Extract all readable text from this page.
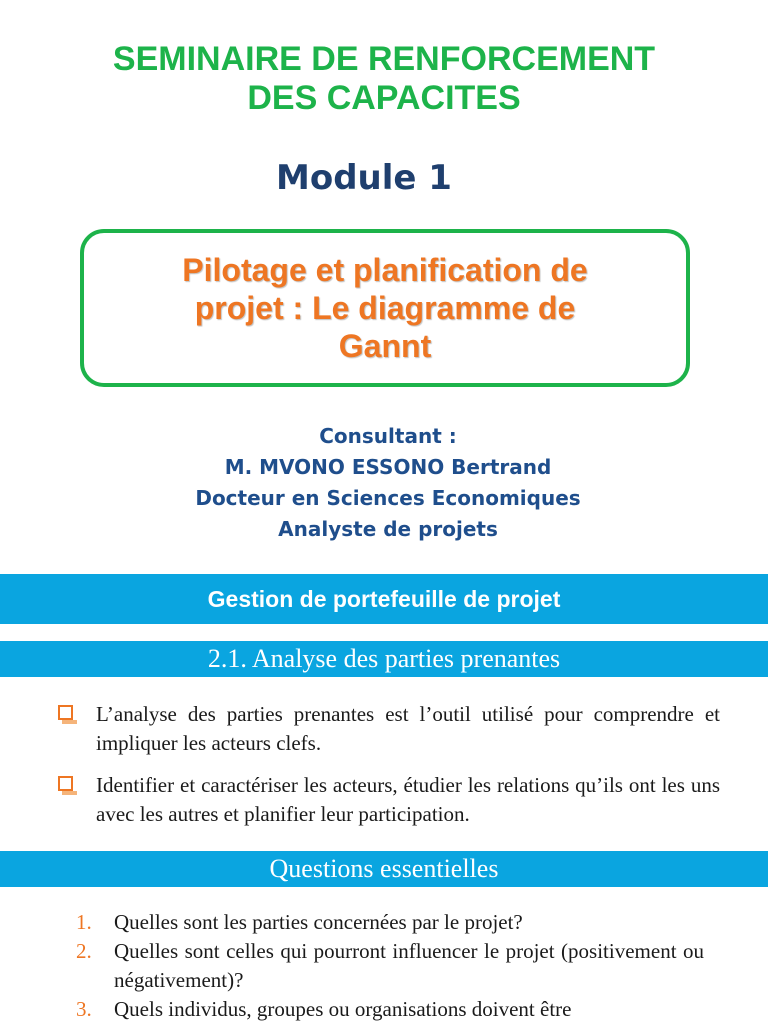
SEMINAIRE DE RENFORCEMENT
DES CAPACITES
Module 1
Pilotage et planification de
projet : Le diagramme de
Gannt
Consultant :
M. MVONO ESSONO Bertrand
Docteur en Sciences Economiques
Analyste de projets
Gestion de portefeuille de projet
2.1. Analyse des parties prenantes
L’analyse des parties prenantes est l’outil utilisé pour comprendre et impliquer les acteurs clefs.
Identifier et caractériser les acteurs, étudier les relations qu’ils ont les uns avec les autres et planifier leur participation.
Questions essentielles
1. Quelles sont les parties concernées par le projet?
2. Quelles sont celles qui pourront influencer le projet (positivement ou négativement)?
3. Quels individus, groupes ou organisations doivent être
